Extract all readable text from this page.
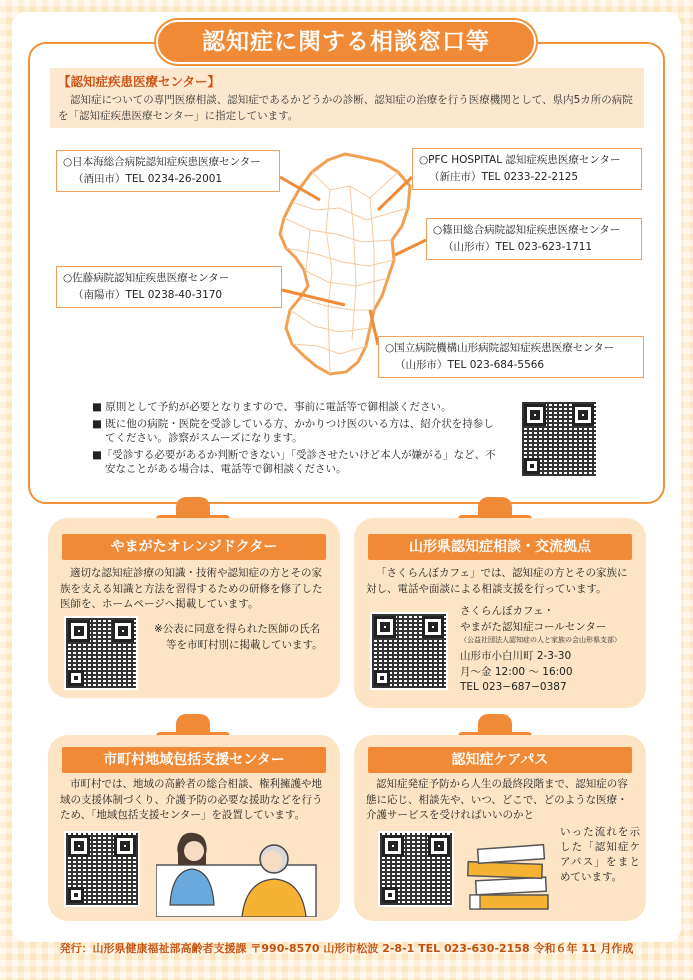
認知症に関する相談窓口等
【認知症疾患医療センター】
認知症についての専門医療相談、認知症であるかどうかの診断、認知症の治療を行う医療機関として、県内5カ所の病院を「認知症疾患医療センター」に指定しています。
○日本海総合病院認知症疾患医療センター
（酒田市）TEL 0234-26-2001
○PFC HOSPITAL 認知症疾患医療センター
（新庄市）TEL 0233-22-2125
○篠田総合病院認知症疾患医療センター
（山形市）TEL 023-623-1711
○佐藤病院認知症疾患医療センター
（南陽市）TEL 0238-40-3170
○国立病院機構山形病院認知症疾患医療センター
（山形市）TEL 023-684-5566
■ 原則として予約が必要となりますので、事前に電話等で御相談ください。
■ 既に他の病院・医院を受診している方、かかりつけ医のいる方は、紹介状を持参してください。診察がスムーズになります。
■「受診する必要があるか判断できない」「受診させたいけど本人が嫌がる」など、不安なことがある場合は、電話等で御相談ください。
やまがたオレンジドクター
適切な認知症診療の知識・技術や認知症の方とその家族を支える知識と方法を習得するための研修を修了した医師を、ホームページへ掲載しています。
※公表に同意を得られた医師の氏名等を市町村別に掲載しています。
山形県認知症相談・交流拠点
「さくらんぼカフェ」では、認知症の方とその家族に対し、電話や面談による相談支援を行っています。
さくらんぼカフェ・
やまがた認知症コールセンター
（公益社団法人認知症の人と家族の会山形県支部）
山形市小白川町 2-3-30
月～金 12:00 ～ 16:00
TEL 023−687−0387
市町村地域包括支援センター
市町村では、地域の高齢者の総合相談、権利擁護や地域の支援体制づくり、介護予防の必要な援助などを行うため、「地域包括支援センター」を設置しています。
認知症ケアパス
認知症発症予防から人生の最終段階まで、認知症の容態に応じ、相談先や、いつ、どこで、どのような医療・介護サービスを受ければいいのかと
いった流れを示した「認知症ケアパス」をまとめています。
発行：山形県健康福祉部高齢者支援課 〒990-8570 山形市松波 2-8-1 TEL 023-630-2158 令和６年 11 月作成
